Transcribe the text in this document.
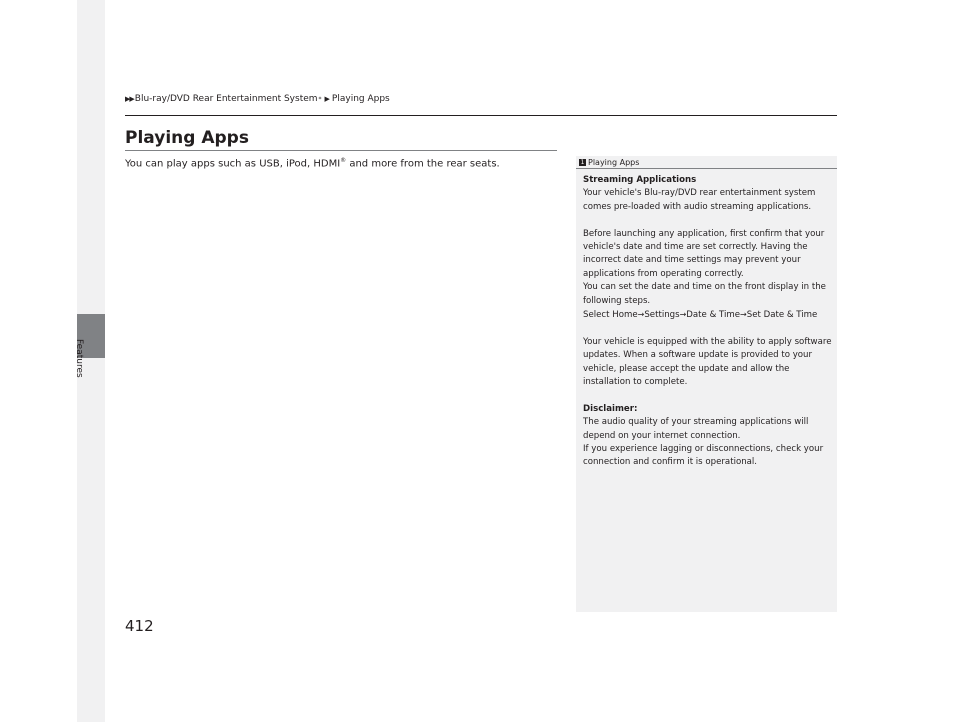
Features
▶▶ Blu-ray/DVD Rear Entertainment System * ▶ Playing Apps
Playing Apps
You can play apps such as USB, iPod, HDMI® and more from the rear seats.	1 Playing Apps

Streaming Applications

Your vehicle's Blu-ray/DVD rear entertainment system comes pre-loaded with audio streaming applications.

Before launching any application, first confirm that your vehicle's date and time are set correctly. Having the incorrect date and time settings may prevent your applications from operating correctly.

You can set the date and time on the front display in the following steps.

Select Home→Settings→Date & Time→Set Date & Time

Your vehicle is equipped with the ability to apply software updates. When a software update is provided to your vehicle, please accept the update and allow the installation to complete.

Disclaimer:

The audio quality of your streaming applications will depend on your internet connection.

If you experience lagging or disconnections, check your connection and confirm it is operational.

412
